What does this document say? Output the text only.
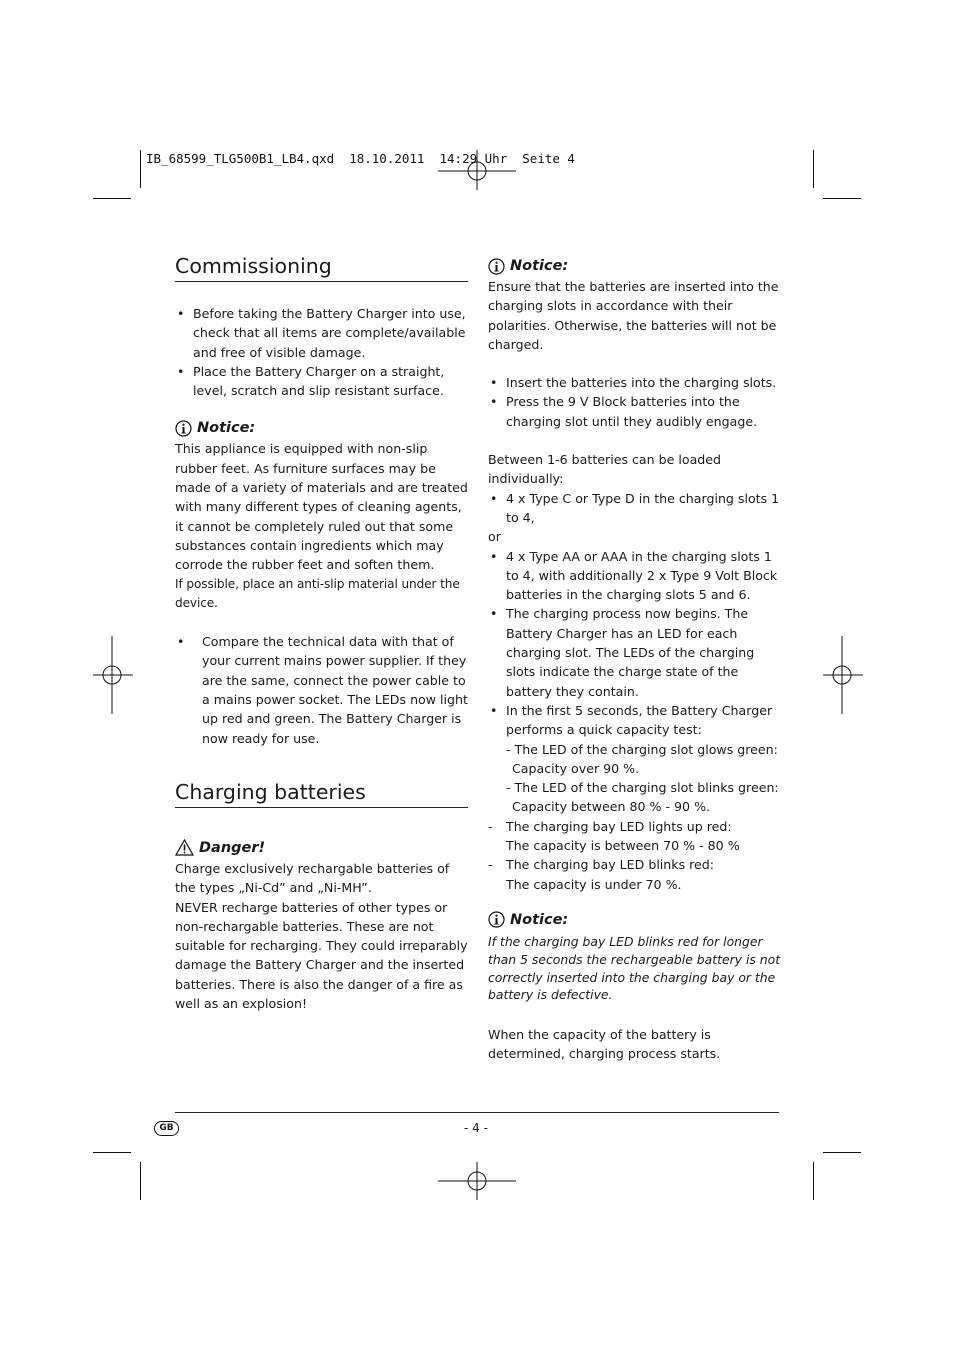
IB_68599_TLG500B1_LB4.qxd  18.10.2011  14:29 Uhr  Seite 4
Commissioning
• Before taking the Battery Charger into use, check that all items are complete/available and free of visible damage.
• Place the Battery Charger on a straight, level, scratch and slip resistant surface.
Notice:

This appliance is equipped with non-slip rubber feet. As furniture surfaces may be made of a variety of materials and are treated with many different types of cleaning agents, it cannot be completely ruled out that some substances contain ingredients which may corrode the rubber feet and soften them.

If possible, place an anti-slip material under the device.

• Compare the technical data with that of your current mains power supplier. If they are the same, connect the power cable to a mains power socket. The LEDs now light up red and green. The Battery Charger is now ready for use.
Charging batteries
Danger!

Charge exclusively rechargable batteries of the types „Ni-Cd” and „Ni-MH”.

NEVER recharge batteries of other types or non-rechargable batteries. These are not suitable for recharging. They could irreparably damage the Battery Charger and the inserted batteries. There is also the danger of a fire as well as an explosion!

Notice:

Ensure that the batteries are inserted into the charging slots in accordance with their polarities. Otherwise, the batteries will not be charged.

• Insert the batteries into the charging slots.
• Press the 9 V Block batteries into the charging slot until they audibly engage.

Between 1-6 batteries can be loaded individually:

• 4 x Type C or Type D in the charging slots 1 to 4,

or

• 4 x Type AA or AAA in the charging slots 1 to 4, with additionally 2 x Type 9 Volt Block batteries in the charging slots 5 and 6.
• The charging process now begins. The Battery Charger has an LED for each charging slot. The LEDs of the charging slots indicate the charge state of the battery they contain.
• In the first 5 seconds, the Battery Charger performs a quick capacity test:
- The LED of the charging slot glows green:
Capacity over 90 %.
- The LED of the charging slot blinks green:
Capacity between 80 % - 90 %.
- The charging bay LED lights up red:
The capacity is between 70 % - 80 %
- The charging bay LED blinks red:
The capacity is under 70 %.
Notice:

If the charging bay LED blinks red for longer than 5 seconds the rechargeable battery is not correctly inserted into the charging bay or the battery is defective.

When the capacity of the battery is determined, charging process starts.

GB	- 4 -
